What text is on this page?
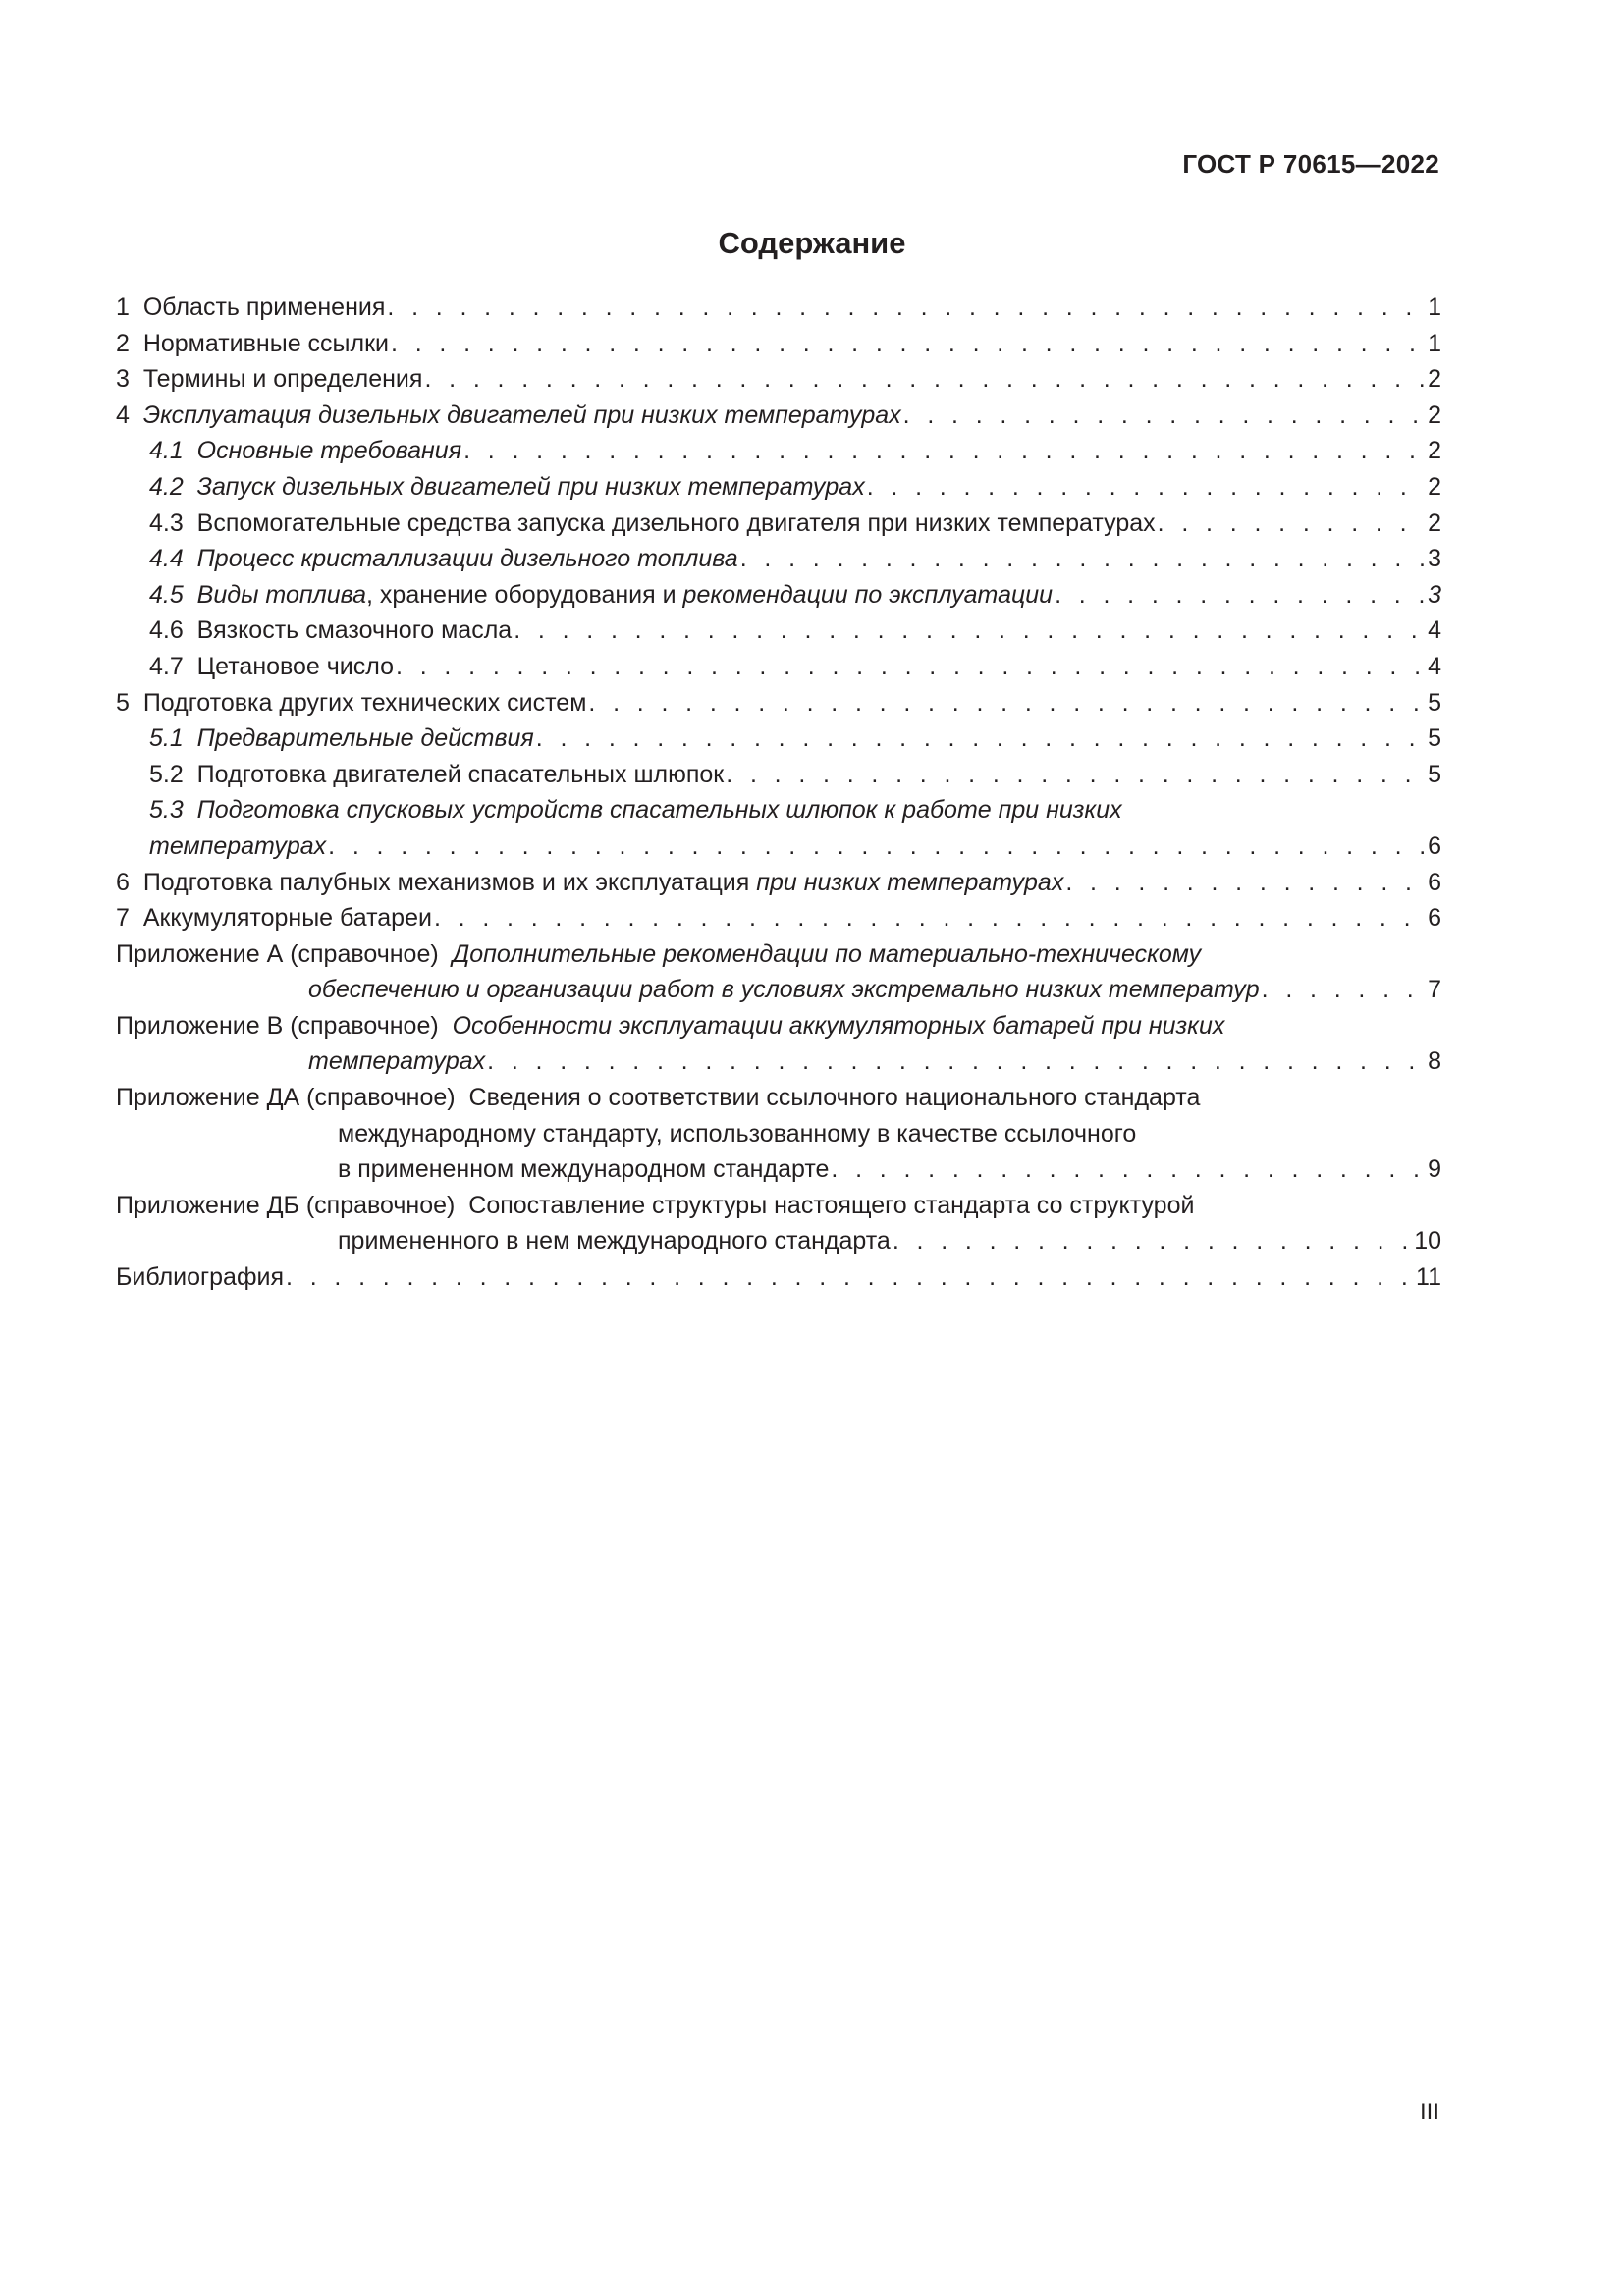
ГОСТ Р 70615—2022
Содержание
1 Область применения . . .	1
2 Нормативные ссылки . . .	1
3 Термины и определения . . .	2
4 Эксплуатация дизельных двигателей при низких температурах . . .	2
4.1 Основные требования . . .	2
4.2 Запуск дизельных двигателей при низких температурах . . .	2
4.3 Вспомогательные средства запуска дизельного двигателя при низких температурах . . .	2
4.4 Процесс кристаллизации дизельного топлива . . .	3
4.5 Виды топлива, хранение оборудования и рекомендации по эксплуатации . . .	3
4.6 Вязкость смазочного масла . . .	4
4.7 Цетановое число . . .	4
5 Подготовка других технических систем . . .	5
5.1 Предварительные действия . . .	5
5.2 Подготовка двигателей спасательных шлюпок . . .	5
5.3 Подготовка спусковых устройств спасательных шлюпок к работе при низких
температурах . . .	6
6 Подготовка палубных механизмов и их эксплуатация при низких температурах . . .	6
7 Аккумуляторные батареи . . .	6
Приложение А (справочное) Дополнительные рекомендации по материально-техническому
обеспечению и организации работ в условиях экстремально низких температур . . .	7
Приложение В (справочное) Особенности эксплуатации аккумуляторных батарей при низких
температурах . . .	8
Приложение ДА (справочное) Сведения о соответствии ссылочного национального стандарта
международному стандарту, использованному в качестве ссылочного
в примененном международном стандарте . . .	9
Приложение ДБ (справочное) Сопоставление структуры настоящего стандарта со структурой
примененного в нем международного стандарта . . .	10
Библиография . . .	11
III
